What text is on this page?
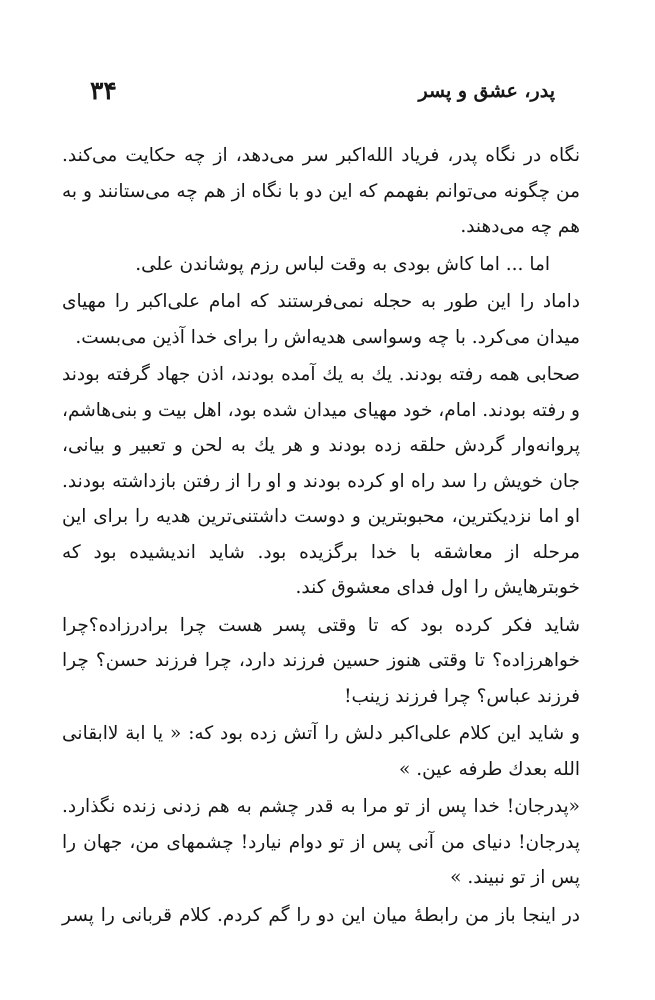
۳۴	پدر، عشق و پسر

نگاه در نگاه پدر، فریاد الله‌اکبر سر می‌دهد، از چه حکایت می‌کند. من چگونه می‌توانم بفهمم که این دو با نگاه از هم چه می‌ستانند و به هم چه می‌دهند.

اما ... اما کاش بودی به وقت لباس رزم پوشاندن علی.

داماد را این طور به حجله نمی‌فرستند که امام علی‌اکبر را مهیای میدان می‌کرد. با چه وسواسی هدیه‌اش را برای خدا آذین می‌بست.

صحابی همه رفته بودند. یك به یك آمده بودند، اذن جهاد گرفته بودند و رفته بودند. امام، خود مهیای میدان شده بود، اهل بیت و بنی‌هاشم، پروانه‌وار گردش حلقه زده بودند و هر یك به لحن و تعبیر و بیانی، جان خویش را سد راه او کرده بودند و او را از رفتن بازداشته بودند. او اما نزدیکترین، محبوبترین و دوست داشتنی‌ترین هدیه را برای این مرحله از معاشقه با خدا برگزیده بود. شاید اندیشیده بود که خوبترهایش را اول فدای معشوق کند.

شاید فکر کرده بود که تا وقتی پسر هست چرا برادرزاده؟چرا خواهرزاده؟ تا وقتی هنوز حسین فرزند دارد، چرا فرزند حسن؟ چرا فرزند عباس؟ چرا فرزند زینب!

و شاید این کلام علی‌اکبر دلش را آتش زده بود که: « یا ابة لاابقانی الله بعدك طرفه عین. »

«پدرجان! خدا پس از تو مرا به قدر چشم به هم زدنی زنده نگذارد. پدرجان! دنیای من آنی پس از تو دوام نیارد! چشمهای من، جهان را پس از تو نبیند. »

در اینجا باز من رابطهٔ میان این دو را گم کردم. کلام قربانی را پسر
